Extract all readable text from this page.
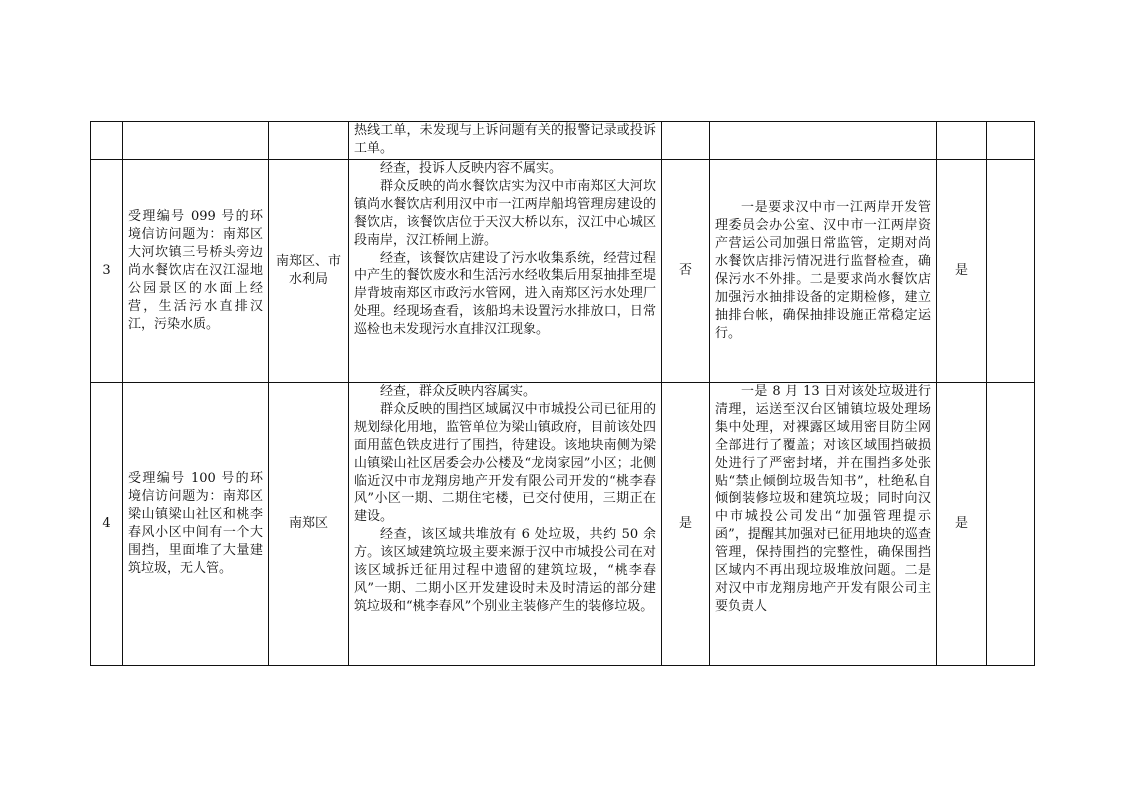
			热线工单，未发现与上诉问题有关的报警记录或投诉工单。				

3	受理编号 099 号的环境信访问题为：南郑区大河坎镇三号桥头旁边尚水餐饮店在汉江湿地公园景区的水面上经营，生活污水直排汉江，污染水质。	南郑区、市水利局	经查，投诉人反映内容不属实。

群众反映的尚水餐饮店实为汉中市南郑区大河坎镇尚水餐饮店利用汉中市一江两岸船坞管理房建设的餐饮店，该餐饮店位于天汉大桥以东，汉江中心城区段南岸，汉江桥闸上游。

经查，该餐饮店建设了污水收集系统，经营过程中产生的餐饮废水和生活污水经收集后用泵抽排至堤岸背坡南郑区市政污水管网，进入南郑区污水处理厂处理。经现场查看，该船坞未设置污水排放口，日常巡检也未发现污水直排汉江现象。	否	一是要求汉中市一江两岸开发管理委员会办公室、汉中市一江两岸资产营运公司加强日常监管，定期对尚水餐饮店排污情况进行监督检查，确保污水不外排。二是要求尚水餐饮店加强污水抽排设备的定期检修，建立抽排台帐，确保抽排设施正常稳定运行。	是	
4	受理编号 100 号的环境信访问题为：南郑区梁山镇梁山社区和桃李春风小区中间有一个大围挡，里面堆了大量建筑垃圾，无人管。	南郑区	经查，群众反映内容属实。

群众反映的围挡区域属汉中市城投公司已征用的规划绿化用地，监管单位为梁山镇政府，目前该处四面用蓝色铁皮进行了围挡，待建设。该地块南侧为梁山镇梁山社区居委会办公楼及“龙岗家园”小区；北侧临近汉中市龙翔房地产开发有限公司开发的“桃李春风”小区一期、二期住宅楼，已交付使用，三期正在建设。

经查，该区域共堆放有 6 处垃圾，共约 50 余方。该区域建筑垃圾主要来源于汉中市城投公司在对该区域拆迁征用过程中遗留的建筑垃圾，“桃李春风”一期、二期小区开发建设时未及时清运的部分建筑垃圾和“桃李春风”个别业主装修产生的装修垃圾。	是	一是 8 月 13 日对该处垃圾进行清理，运送至汉台区铺镇垃圾处理场集中处理，对裸露区域用密目防尘网全部进行了覆盖；对该区域围挡破损处进行了严密封堵，并在围挡多处张贴“禁止倾倒垃圾告知书”，杜绝私自倾倒装修垃圾和建筑垃圾；同时向汉中市城投公司发出“加强管理提示函”，提醒其加强对已征用地块的巡查管理，保持围挡的完整性，确保围挡区域内不再出现垃圾堆放问题。二是对汉中市龙翔房地产开发有限公司主要负责人	是	
